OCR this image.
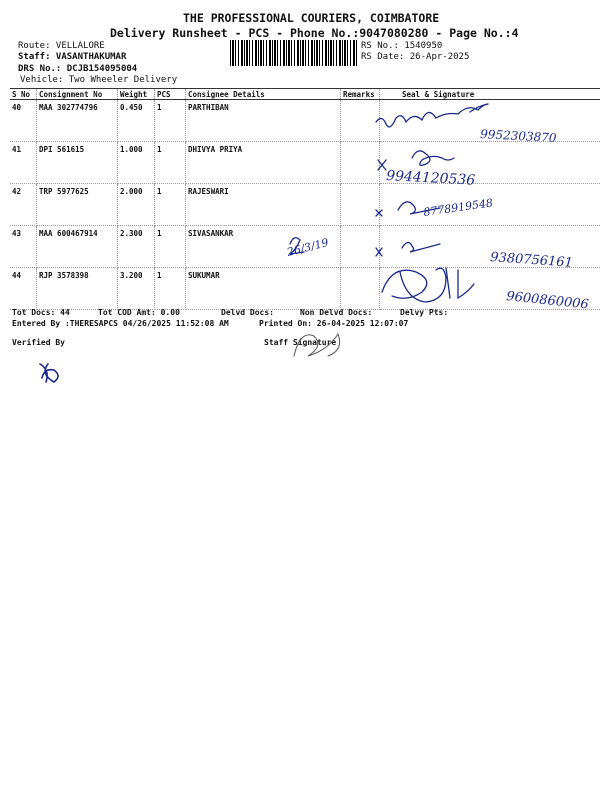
THE PROFESSIONAL COURIERS, COIMBATORE
Delivery Runsheet - PCS - Phone No.:9047080280 - Page No.:4
Route: VELLALORE
Staff: VASANTHAKUMAR
DRS No.: DCJB154095004
Vehicle: Two Wheeler Delivery
RS No.: 1540950
RS Date: 26-Apr-2025
S No	Consignment No	Weight	PCS	Consignee Details	Remarks	Seal & Signature
40	MAA 302774796	0.450	1	PARTHIBAN		
41	DPI 561615	1.000	1	DHIVYA PRIYA		
42	TRP 5977625	2.000	1	RAJESWARI		
43	MAA 600467914	2.300	1	SIVASANKAR		
44	RJP 3578398	3.200	1	SUKUMAR		
9952303870
9944120536
8778919548
9380756161
9600860006
26/3/19
Tot Docs: 44	Tot COD Amt: 0.00	Delvd Docs:	Non Delvd Docs:	Delvy Pts:
Entered By :THERESAPCS 04/26/2025 11:52:08 AM	Printed On: 26-04-2025 12:07:07
Verified By	Staff Signature
